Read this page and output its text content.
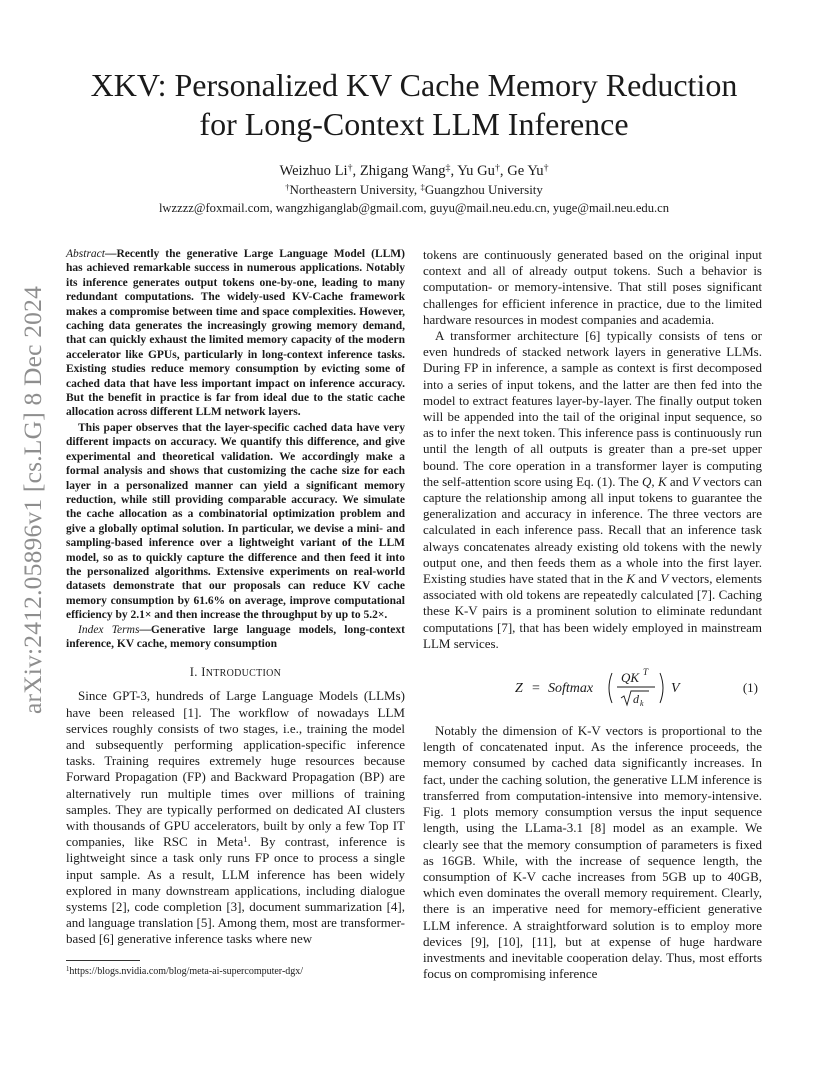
arXiv:2412.05896v1 [cs.LG] 8 Dec 2024
XKV: Personalized KV Cache Memory Reduction
for Long-Context LLM Inference
Weizhuo Li†, Zhigang Wang‡, Yu Gu†, Ge Yu†
†Northeastern University, ‡Guangzhou University
lwzzzz@foxmail.com, wangzhiganglab@gmail.com, guyu@mail.neu.edu.cn, yuge@mail.neu.edu.cn

Abstract—Recently the generative Large Language Model (LLM) has achieved remarkable success in numerous applications. Notably its inference generates output tokens one-by-one, leading to many redundant computations. The widely-used KV-Cache framework makes a compromise between time and space complexities. However, caching data generates the increasingly growing memory demand, that can quickly exhaust the limited memory capacity of the modern accelerator like GPUs, particularly in long-context inference tasks. Existing studies reduce memory consumption by evicting some of cached data that have less important impact on inference accuracy. But the benefit in practice is far from ideal due to the static cache allocation across different LLM network layers.

This paper observes that the layer-specific cached data have very different impacts on accuracy. We quantify this difference, and give experimental and theoretical validation. We accordingly make a formal analysis and shows that customizing the cache size for each layer in a personalized manner can yield a significant memory reduction, while still providing comparable accuracy. We simulate the cache allocation as a combinatorial optimization problem and give a globally optimal solution. In particular, we devise a mini- and sampling-based inference over a lightweight variant of the LLM model, so as to quickly capture the difference and then feed it into the personalized algorithms. Extensive experiments on real-world datasets demonstrate that our proposals can reduce KV cache memory consumption by 61.6% on average, improve computational efficiency by 2.1× and then increase the throughput by up to 5.2×.

Index Terms—Generative large language models, long-context inference, KV cache, memory consumption

I. INTRODUCTION

Since GPT-3, hundreds of Large Language Models (LLMs) have been released [1]. The workflow of nowadays LLM services roughly consists of two stages, i.e., training the model and subsequently performing application-specific inference tasks. Training requires extremely huge resources because Forward Propagation (FP) and Backward Propagation (BP) are alternatively run multiple times over millions of training samples. They are typically performed on dedicated AI clusters with thousands of GPU accelerators, built by only a few Top IT companies, like RSC in Meta$^1$. By contrast, inference is lightweight since a task only runs FP once to process a single input sample. As a result, LLM inference has been widely explored in many downstream applications, including dialogue systems [2], code completion [3], document summarization [4], and language translation [5]. Among them, most are transformer-based [6] generative inference tasks where new

$^1$https://blogs.nvidia.com/blog/meta-ai-supercomputer-dgx/

tokens are continuously generated based on the original input context and all of already output tokens. Such a behavior is computation- or memory-intensive. That still poses significant challenges for efficient inference in practice, due to the limited hardware resources in modest companies and academia.

A transformer architecture [6] typically consists of tens or even hundreds of stacked network layers in generative LLMs. During FP in inference, a sample as context is first decomposed into a series of input tokens, and the latter are then fed into the model to extract features layer-by-layer. The finally output token will be appended into the tail of the original input sequence, so as to infer the next token. This inference pass is continuously run until the length of all outputs is greater than a pre-set upper bound. The core operation in a transformer layer is computing the self-attention score using Eq. (1). The Q, K and V vectors can capture the relationship among all input tokens to guarantee the generalization and accuracy in inference. The three vectors are calculated in each inference pass. Recall that an inference task always concatenates already existing old tokens with the newly output one, and then feeds them as a whole into the first layer. Existing studies have stated that in the K and V vectors, elements associated with old tokens are repeatedly calculated [7]. Caching these K-V pairs is a prominent solution to eliminate redundant computations [7], that has been widely employed in mainstream LLM services.

Z = Softmax
QK T
d k
V	(1)

Notably the dimension of K-V vectors is proportional to the length of concatenated input. As the inference proceeds, the memory consumed by cached data significantly increases. In fact, under the caching solution, the generative LLM inference is transferred from computation-intensive into memory-intensive. Fig. 1 plots memory consumption versus the input sequence length, using the LLama-3.1 [8] model as an example. We clearly see that the memory consumption of parameters is fixed as 16GB. While, with the increase of sequence length, the consumption of K-V cache increases from 5GB up to 40GB, which even dominates the overall memory requirement. Clearly, there is an imperative need for memory-efficient generative LLM inference. A straightforward solution is to employ more devices [9], [10], [11], but at expense of huge hardware investments and inevitable cooperation delay. Thus, most efforts focus on compromising inference
